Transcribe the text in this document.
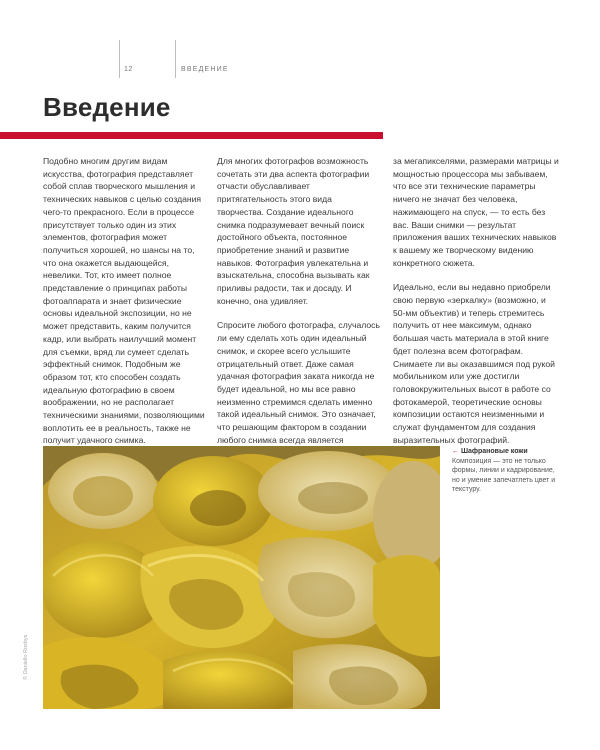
12	ВВЕДЕНИЕ
Введение

Подобно многим другим видам искусства, фотография представляет собой сплав творческого мышления и технических навыков с целью создания чего-то прекрасного. Если в процессе присутствует только один из этих элементов, фотография может получиться хорошей, но шансы на то, что она окажется выдающейся, невелики. Тот, кто имеет полное представление о принципах работы фотоаппарата и знает физические основы идеальной экспозиции, но не может представить, каким получится кадр, или выбрать наилучший момент для съемки, вряд ли сумеет сделать эффектный снимок. Подобным же образом тот, кто способен создать идеальную фотографию в своем воображении, но не располагает техническими знаниями, позволяющими воплотить ее в реальность, также не получит удачного снимка.

Для многих фотографов возможность сочетать эти два аспекта фотографии отчасти обуславливает притягательность этого вида творчества. Создание идеального снимка подразумевает вечный поиск достойного объекта, постоянное приобретение знаний и развитие навыков. Фотография увлекательна и взыскательна, способна вызывать как приливы радости, так и досаду. И конечно, она удивляет.

Спросите любого фотографа, случалось ли ему сделать хоть один идеальный снимок, и скорее всего услышите отрицательный ответ. Даже самая удачная фотография заката никогда не будет идеальной, но мы все равно неизменно стремимся сделать именно такой идеальный снимок. Это означает, что решающим фактором в создании любого снимка всегда является

за мегапикселями, размерами матрицы и мощностью процессора мы забываем, что все эти технические параметры ничего не значат без человека, нажимающего на спуск, — то есть без вас. Ваши снимки — результат приложения ваших технических навыков к вашему же творческому видению конкретного сюжета.

Идеально, если вы недавно приобрели свою первую «зеркалку» (возможно, и 50-мм объектив) и теперь стремитесь получить от нее максимум, однако большая часть материала в этой книге бдет полезна всем фотографам. Снимаете ли вы оказавшимся под рукой мобильником или уже достигли головокружительных высот в работе со фотокамерой, теоретические основы композиции остаются неизменными и служат фундаментом для создания выразительных фотографий.

© Daniello Rosbys
← Шафрановые кожи
Композиция — это не только формы, линии и кадрирование, но и умение запечатлеть цвет и текстуру.
